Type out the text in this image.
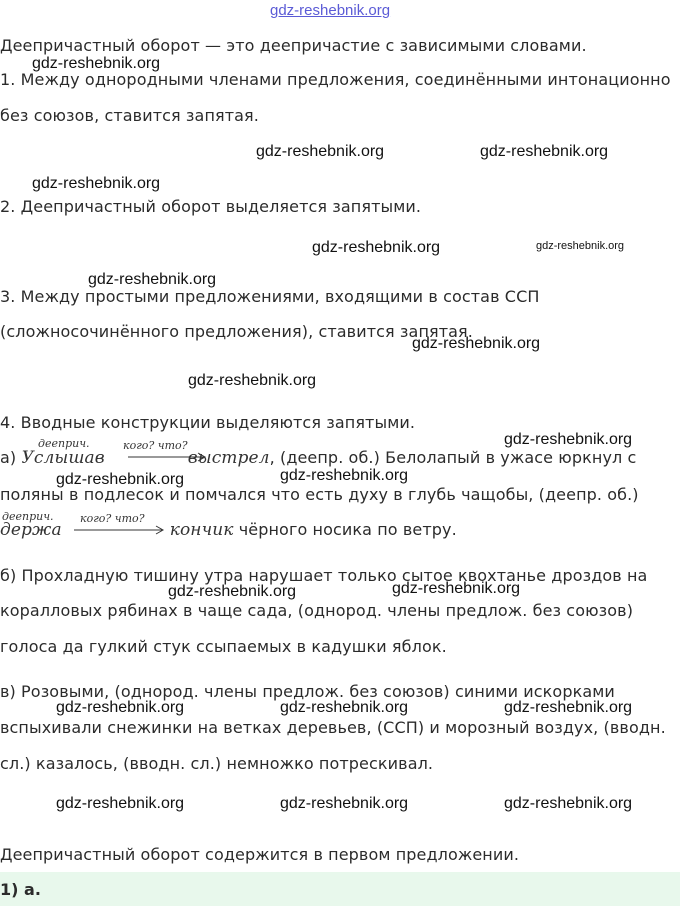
gdz-reshebnik.org
Деепричастный оборот — это деепричастие с зависимыми словами.
1. Между однородными членами предложения, соединёнными интонационно
без союзов, ставится запятая.
2. Деепричастный оборот выделяется запятыми.
3. Между простыми предложениями, входящими в состав ССП
(сложносочинённого предложения), ставится запятая.
4. Вводные конструкции выделяются запятыми.
дееприч.	кого? что?
а) Услышав	выстрел, (деепр. об.) Белолапый в ужасе юркнул с
поляны в подлесок и помчался что есть духу в глубь чащобы, (деепр. об.)
дееприч. кого? что?
держа	кончик чёрного носика по ветру.
б) Прохладную тишину утра нарушает только сытое квохтанье дроздов на
коралловых рябинах в чаще сада, (однород. члены предлож. без союзов)
голоса да гулкий стук ссыпаемых в кадушки яблок.
в) Розовыми, (однород. члены предлож. без союзов) синими искорками
вспыхивали снежинки на ветках деревьев, (ССП) и морозный воздух, (вводн.
сл.) казалось, (вводн. сл.) немножко потрескивал.
Деепричастный оборот содержится в первом предложении.
1) а.
gdz-reshebnik.org
gdz-reshebnik.org	gdz-reshebnik.org
gdz-reshebnik.org
gdz-reshebnik.org	gdz-reshebnik.org
gdz-reshebnik.org
gdz-reshebnik.org
gdz-reshebnik.org
gdz-reshebnik.org
gdz-reshebnik.org	gdz-reshebnik.org
gdz-reshebnik.org
gdz-reshebnik.org
gdz-reshebnik.org	gdz-reshebnik.org	gdz-reshebnik.org
gdz-reshebnik.org	gdz-reshebnik.org	gdz-reshebnik.org
